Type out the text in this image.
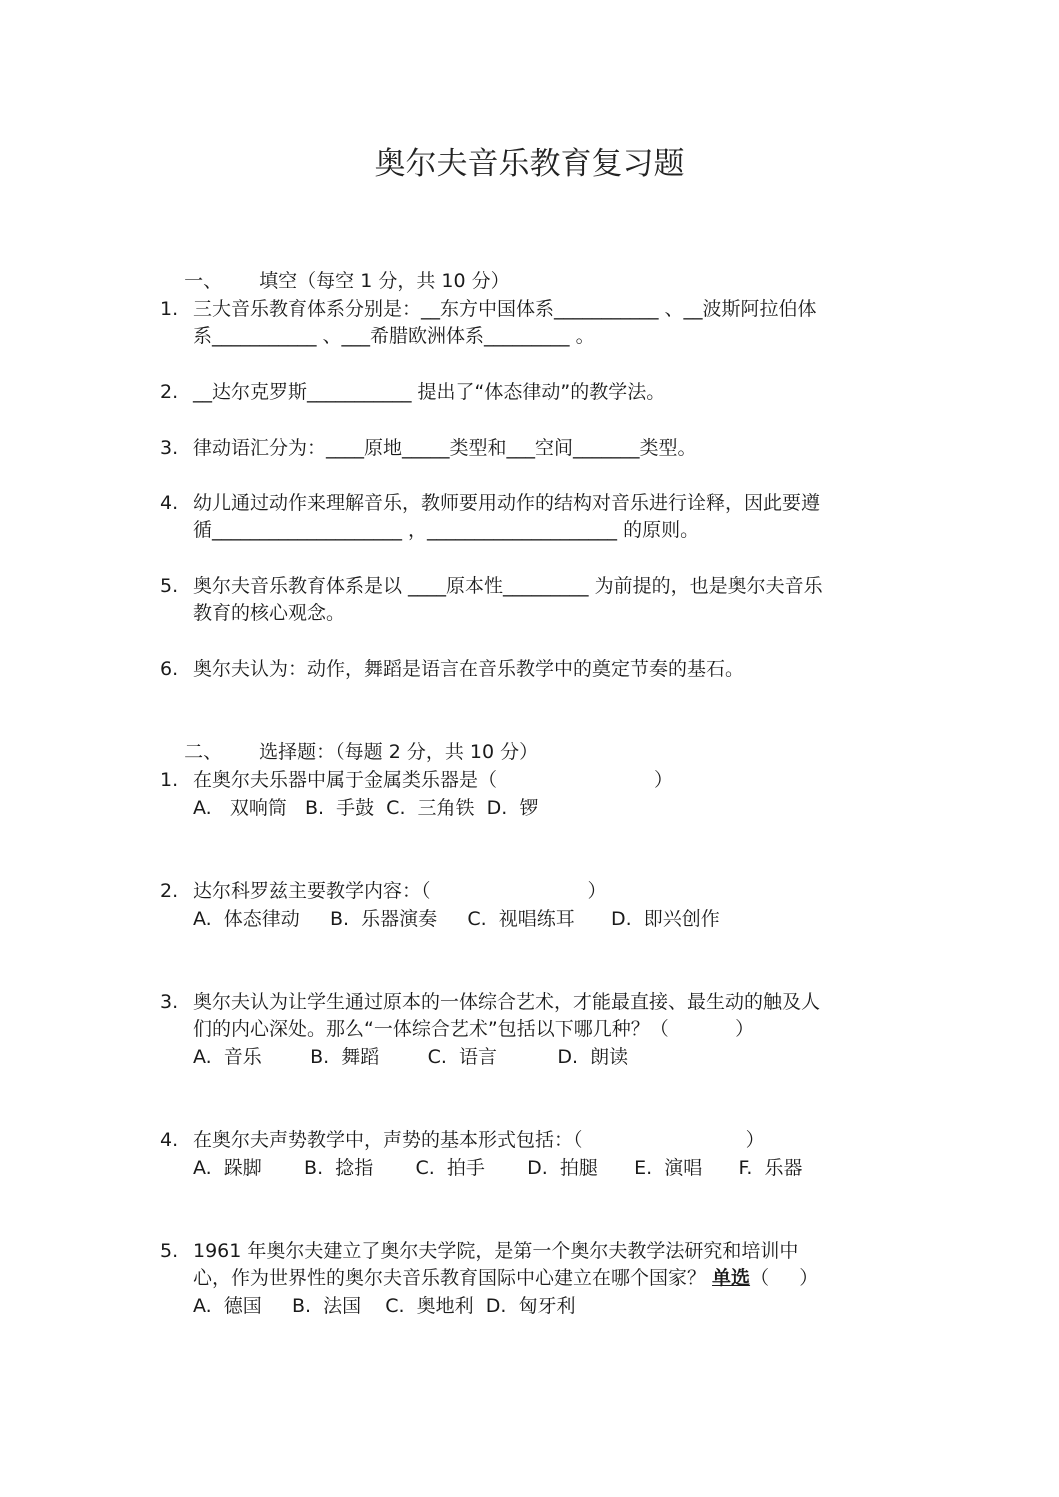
奥尔夫音乐教育复习题

一、 填空（每空 1 分，共 10 分）

1. 三大音乐教育体系分别是：__东方中国体系___________ 、__波斯阿拉伯体
系___________ 、___希腊欧洲体系_________ 。
2. __达尔克罗斯___________ 提出了“体态律动”的教学法。
3. 律动语汇分为：____原地_____类型和___空间_______类型。
4. 幼儿通过动作来理解音乐，教师要用动作的结构对音乐进行诠释，因此要遵
循____________________ ，____________________ 的原则。
5. 奥尔夫音乐教育体系是以 ____原本性_________ 为前提的，也是奥尔夫音乐
教育的核心观念。
6. 奥尔夫认为：动作，舞蹈是语言在音乐教学中的奠定节奏的基石。

二、 选择题：（每题 2 分，共 10 分）

1. 在奥尔夫乐器中属于金属类乐器是（                          ）
A.   双响筒   B.  手鼓  C.  三角铁  D.  锣
2. 达尔科罗兹主要教学内容：（                          ）
A.  体态律动     B.  乐器演奏     C.  视唱练耳      D.  即兴创作
3. 奥尔夫认为让学生通过原本的一体综合艺术，才能最直接、最生动的触及人
们的内心深处。那么“一体综合艺术”包括以下哪几种？（           ）
A.  音乐        B.  舞蹈        C.  语言          D.  朗读
4. 在奥尔夫声势教学中，声势的基本形式包括：（                           ）
A.  跺脚       B.  捻指       C.  拍手       D.  拍腿      E.  演唱      F.  乐器
5. 1961 年奥尔夫建立了奥尔夫学院，是第一个奥尔夫教学法研究和培训中
心，作为世界性的奥尔夫音乐教育国际中心建立在哪个国家？ 单选（     ）
A.  德国     B.  法国    C.  奥地利  D.  匈牙利
